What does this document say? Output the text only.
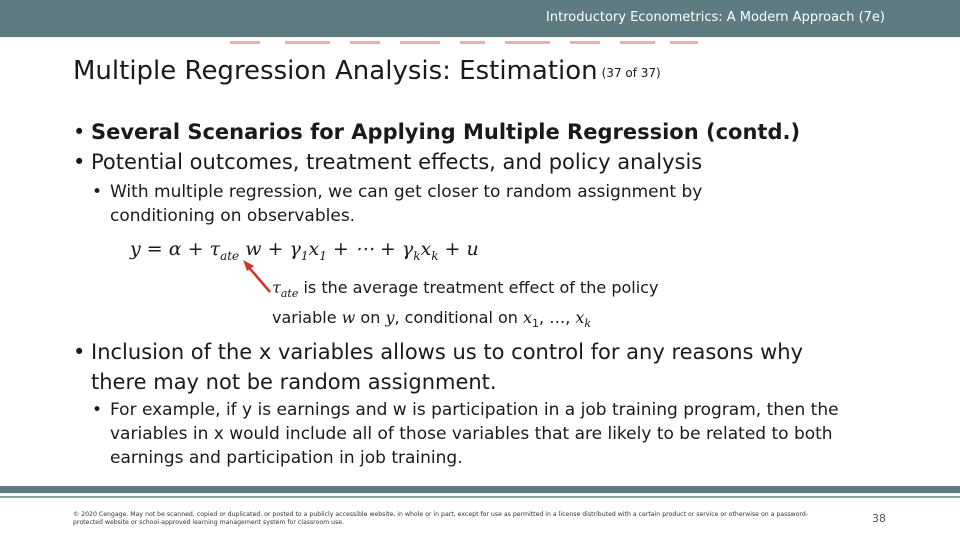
Introductory Econometrics: A Modern Approach (7e)
Multiple Regression Analysis: Estimation (37 of 37)
• Several Scenarios for Applying Multiple Regression (contd.)
• Potential outcomes, treatment effects, and policy analysis
• With multiple regression, we can get closer to random assignment by conditioning on observables.
$y = \alpha + \tau_{ate}$ $w + \gamma_1x_1$ + ⋯ + $\gamma_kx_k + u$
$\tau_{ate}$ is the average treatment effect of the policy
variable w on y, conditional on $x_1$, …, $x_k$
• Inclusion of the x variables allows us to control for any reasons why
there may not be random assignment.
• For example, if y is earnings and w is participation in a job training program, then the variables in x would include all of those variables that are likely to be related to both earnings and participation in job training.
© 2020 Cengage. May not be scanned, copied or duplicated, or posted to a publicly accessible website, in whole or in part, except for use as permitted in a license distributed with a certain product or service or otherwise on a password-protected website or school-approved learning management system for classroom use.	38
